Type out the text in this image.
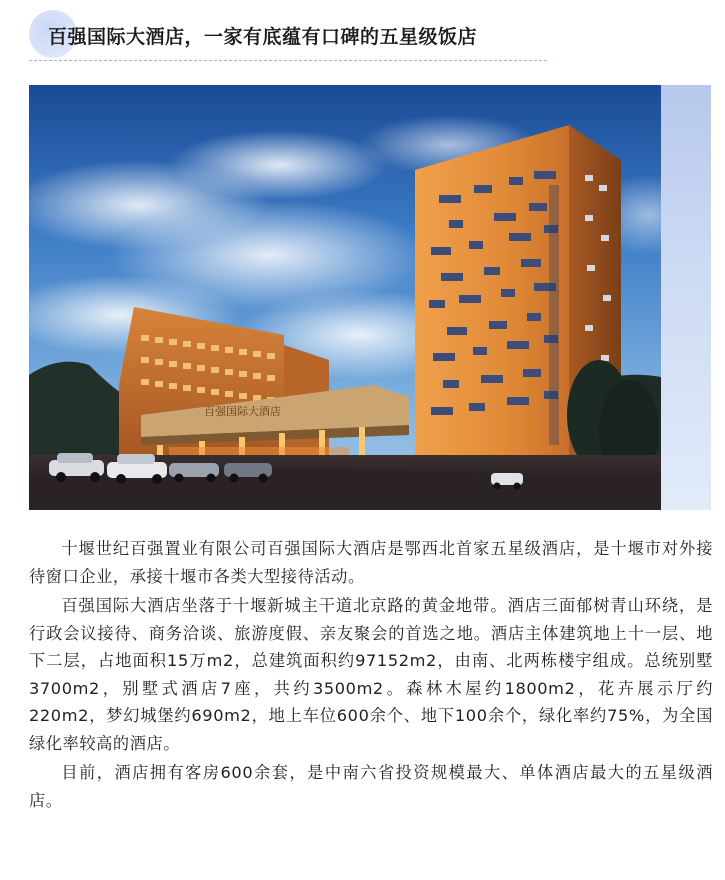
百强国际大酒店，一家有底蕴有口碑的五星级饭店
百强国际大酒店

十堰世纪百强置业有限公司百强国际大酒店是鄂西北首家五星级酒店，是十堰市对外接待窗口企业，承接十堰市各类大型接待活动。

百强国际大酒店坐落于十堰新城主干道北京路的黄金地带。酒店三面郁树青山环绕，是行政会议接待、商务洽谈、旅游度假、亲友聚会的首选之地。酒店主体建筑地上十一层、地下二层，占地面积15万m2，总建筑面积约97152m2，由南、北两栋楼宇组成。总统别墅3700m2，别墅式酒店7座，共约3500m2。森林木屋约1800m2，花卉展示厅约220m2，梦幻城堡约690m2，地上车位600余个、地下100余个，绿化率约75%，为全国绿化率较高的酒店。

目前，酒店拥有客房600余套，是中南六省投资规模最大、单体酒店最大的五星级酒店。
